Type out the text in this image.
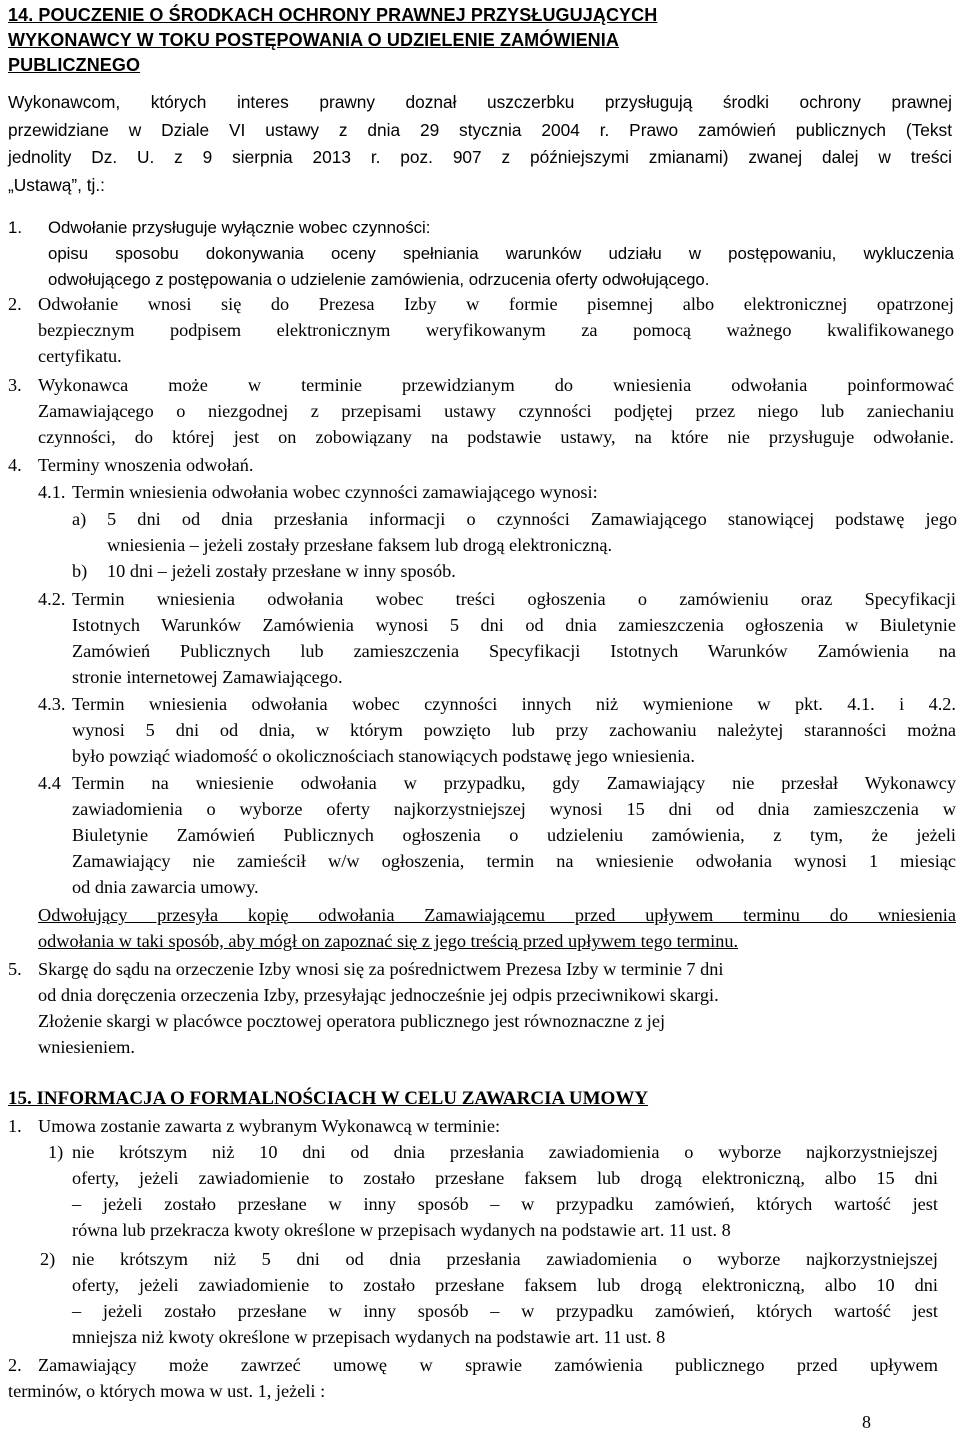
14. POUCZENIE O ŚRODKACH OCHRONY PRAWNEJ PRZYSŁUGUJĄCYCH
WYKONAWCY W TOKU POSTĘPOWANIA O UDZIELENIE ZAMÓWIENIA
PUBLICZNEGO
Wykonawcom, których interes prawny doznał uszczerbku przysługują środki ochrony prawnej
przewidziane w Dziale VI ustawy z dnia 29 stycznia 2004 r. Prawo zamówień publicznych (Tekst
jednolity Dz. U. z 9 sierpnia 2013 r. poz. 907 z późniejszymi zmianami) zwanej dalej w treści
„Ustawą”, tj.:
1. Odwołanie przysługuje wyłącznie wobec czynności:
opisu sposobu dokonywania oceny spełniania warunków udziału w postępowaniu, wykluczenia
odwołującego z postępowania o udzielenie zamówienia, odrzucenia oferty odwołującego.
2. Odwołanie wnosi się do Prezesa Izby w formie pisemnej albo elektronicznej opatrzonej
bezpiecznym podpisem elektronicznym weryfikowanym za pomocą ważnego kwalifikowanego
certyfikatu.
3. Wykonawca może w terminie przewidzianym do wniesienia odwołania poinformować
Zamawiającego o niezgodnej z przepisami ustawy czynności podjętej przez niego lub zaniechaniu
czynności, do której jest on zobowiązany na podstawie ustawy, na które nie przysługuje odwołanie.
4. Terminy wnoszenia odwołań.
4.1. Termin wniesienia odwołania wobec czynności zamawiającego wynosi:
a) 5 dni od dnia przesłania informacji o czynności Zamawiającego stanowiącej podstawę jego
wniesienia – jeżeli zostały przesłane faksem lub drogą elektroniczną.
b) 10 dni – jeżeli zostały przesłane w inny sposób.
4.2. Termin wniesienia odwołania wobec treści ogłoszenia o zamówieniu oraz Specyfikacji
Istotnych Warunków Zamówienia wynosi 5 dni od dnia zamieszczenia ogłoszenia w Biuletynie
Zamówień Publicznych lub zamieszczenia Specyfikacji Istotnych Warunków Zamówienia na
stronie internetowej Zamawiającego.
4.3. Termin wniesienia odwołania wobec czynności innych niż wymienione w pkt. 4.1. i 4.2.
wynosi 5 dni od dnia, w którym powzięto lub przy zachowaniu należytej staranności można
było powziąć wiadomość o okolicznościach stanowiących podstawę jego wniesienia.
4.4 Termin na wniesienie odwołania w przypadku, gdy Zamawiający nie przesłał Wykonawcy
zawiadomienia o wyborze oferty najkorzystniejszej wynosi 15 dni od dnia zamieszczenia w
Biuletynie Zamówień Publicznych ogłoszenia o udzieleniu zamówienia, z tym, że jeżeli
Zamawiający nie zamieścił w/w ogłoszenia, termin na wniesienie odwołania wynosi 1 miesiąc
od dnia zawarcia umowy.
Odwołujący przesyła kopię odwołania Zamawiającemu przed upływem terminu do wniesienia
odwołania w taki sposób, aby mógł on zapoznać się z jego treścią przed upływem tego terminu.
5. Skargę do sądu na orzeczenie Izby wnosi się za pośrednictwem Prezesa Izby w terminie 7 dni
od dnia doręczenia orzeczenia Izby, przesyłając jednocześnie jej odpis przeciwnikowi skargi.
Złożenie skargi w placówce pocztowej operatora publicznego jest równoznaczne z jej
wniesieniem.
15. INFORMACJA O FORMALNOŚCIACH W CELU ZAWARCIA UMOWY
1. Umowa zostanie zawarta z wybranym Wykonawcą w terminie:
1) nie krótszym niż 10 dni od dnia przesłania zawiadomienia o wyborze najkorzystniejszej
oferty, jeżeli zawiadomienie to zostało przesłane faksem lub drogą elektroniczną, albo 15 dni
– jeżeli zostało przesłane w inny sposób – w przypadku zamówień, których wartość jest
równa lub przekracza kwoty określone w przepisach wydanych na podstawie art. 11 ust. 8
2) nie krótszym niż 5 dni od dnia przesłania zawiadomienia o wyborze najkorzystniejszej
oferty, jeżeli zawiadomienie to zostało przesłane faksem lub drogą elektroniczną, albo 10 dni
– jeżeli zostało przesłane w inny sposób – w przypadku zamówień, których wartość jest
mniejsza niż kwoty określone w przepisach wydanych na podstawie art. 11 ust. 8
2. Zamawiający może zawrzeć umowę w sprawie zamówienia publicznego przed upływem
terminów, o których mowa w ust. 1, jeżeli :
8
